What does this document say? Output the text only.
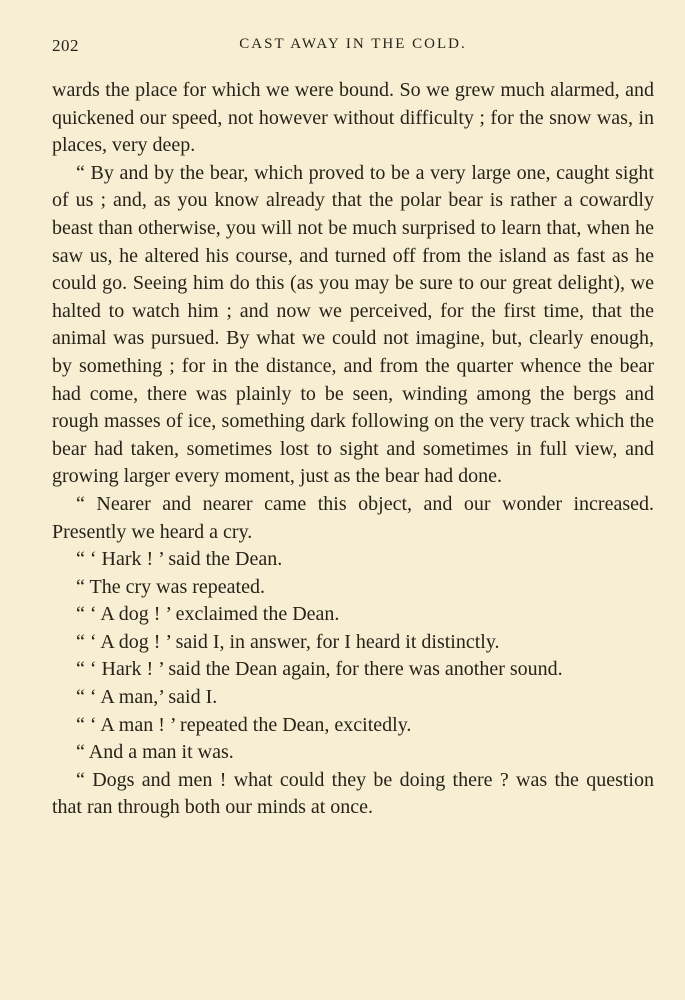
202	CAST AWAY IN THE COLD.

wards the place for which we were bound. So we grew much alarmed, and quickened our speed, not however without difficulty ; for the snow was, in places, very deep.

“ By and by the bear, which proved to be a very large one, caught sight of us ; and, as you know already that the polar bear is rather a cowardly beast than otherwise, you will not be much surprised to learn that, when he saw us, he altered his course, and turned off from the island as fast as he could go. Seeing him do this (as you may be sure to our great delight), we halted to watch him ; and now we perceived, for the first time, that the animal was pursued. By what we could not imagine, but, clearly enough, by something ; for in the distance, and from the quarter whence the bear had come, there was plainly to be seen, winding among the bergs and rough masses of ice, something dark following on the very track which the bear had taken, sometimes lost to sight and sometimes in full view, and growing larger every moment, just as the bear had done.

“ Nearer and nearer came this object, and our wonder increased. Presently we heard a cry.

“ ‘ Hark ! ’ said the Dean.

“ The cry was repeated.

“ ‘ A dog ! ’ exclaimed the Dean.

“ ‘ A dog ! ’ said I, in answer, for I heard it distinctly.

“ ‘ Hark ! ’ said the Dean again, for there was another sound.

“ ‘ A man,’ said I.

“ ‘ A man ! ’ repeated the Dean, excitedly.

“ And a man it was.

“ Dogs and men ! what could they be doing there ? was the question that ran through both our minds at once.
